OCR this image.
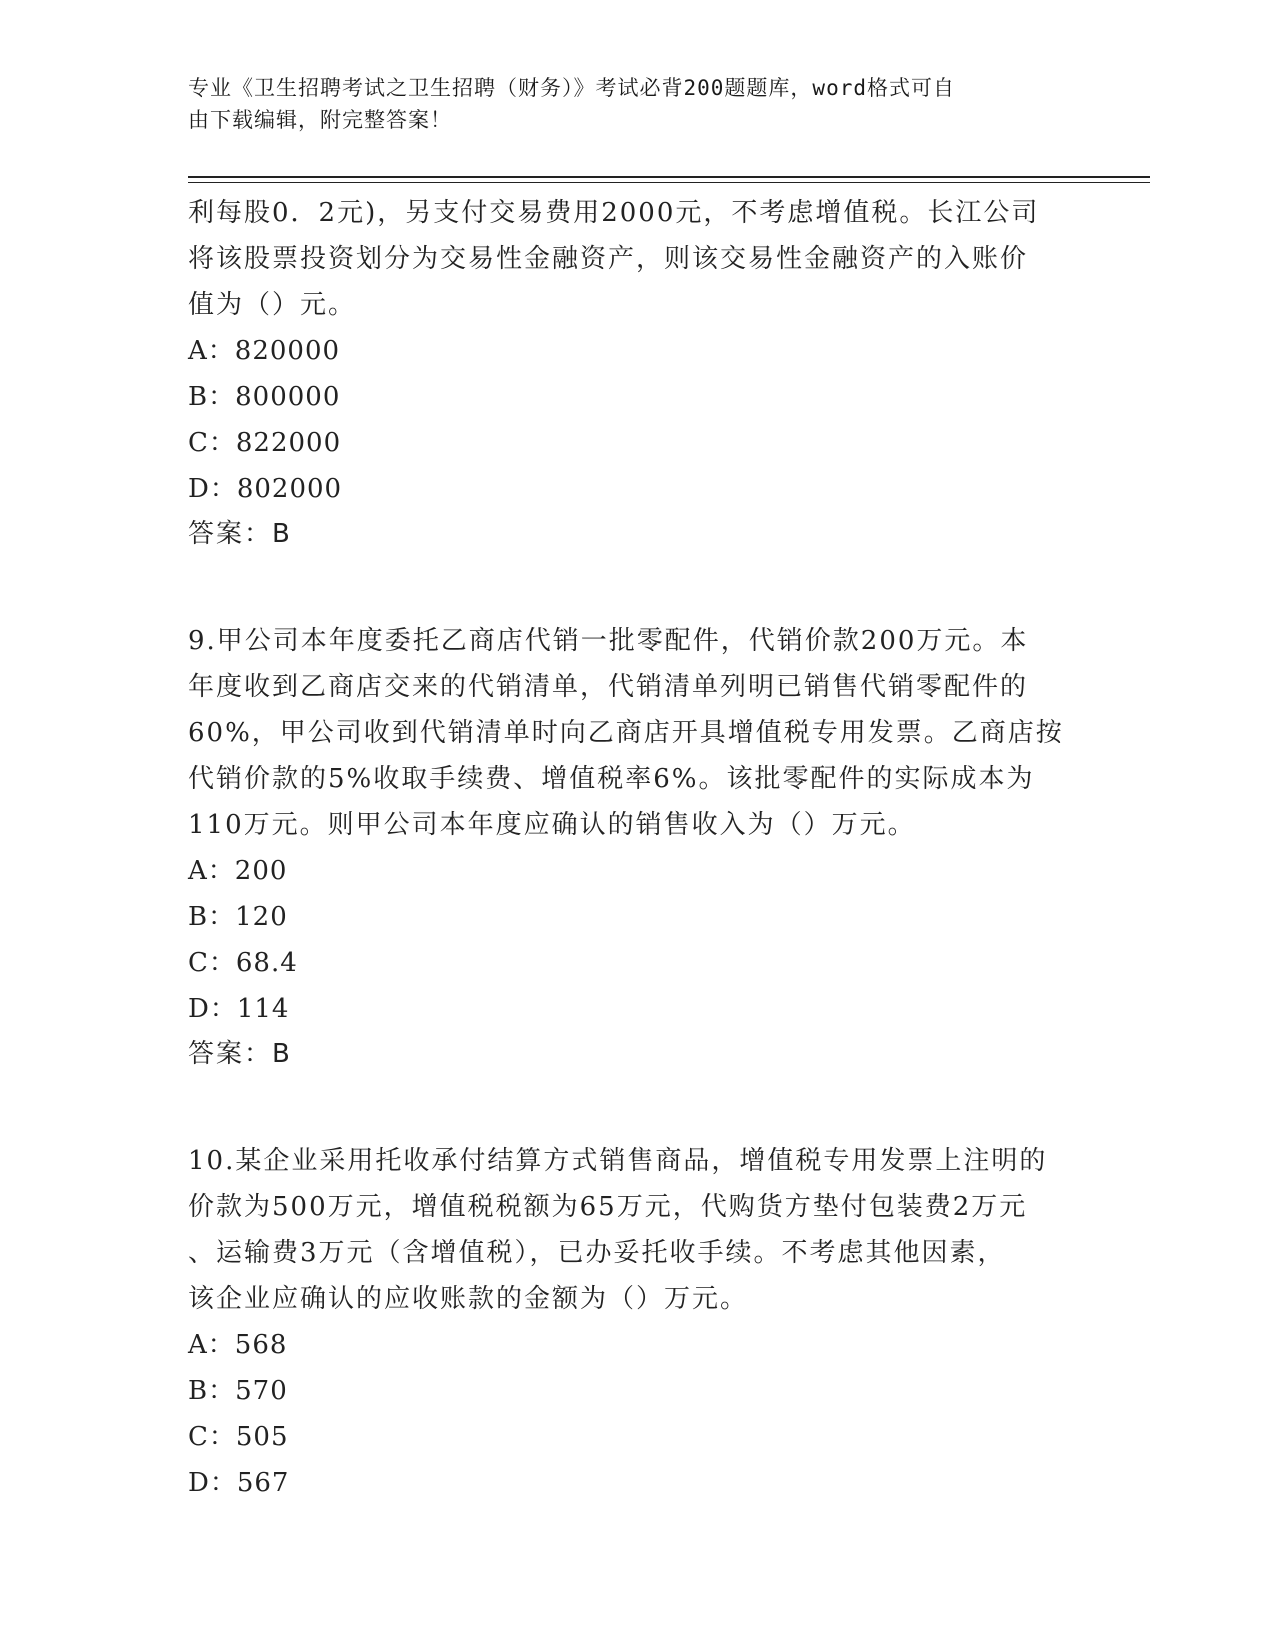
专业《卫生招聘考试之卫生招聘（财务）》考试必背200题题库，word格式可自
由下载编辑，附完整答案！

利每股0．2元)，另支付交易费用2000元，不考虑增值税。长江公司

将该股票投资划分为交易性金融资产，则该交易性金融资产的入账价

值为（）元。

A：820000

B：800000

C：822000

D：802000

答案：B

9.甲公司本年度委托乙商店代销一批零配件，代销价款200万元。本

年度收到乙商店交来的代销清单，代销清单列明已销售代销零配件的

60%，甲公司收到代销清单时向乙商店开具增值税专用发票。乙商店按

代销价款的5%收取手续费、增值税率6%。该批零配件的实际成本为

110万元。则甲公司本年度应确认的销售收入为（）万元。

A：200

B：120

C：68.4

D：114

答案：B

10.某企业采用托收承付结算方式销售商品，增值税专用发票上注明的

价款为500万元，增值税税额为65万元，代购货方垫付包装费2万元

、运输费3万元（含增值税），已办妥托收手续。不考虑其他因素，

该企业应确认的应收账款的金额为（）万元。

A：568

B：570

C：505

D：567
